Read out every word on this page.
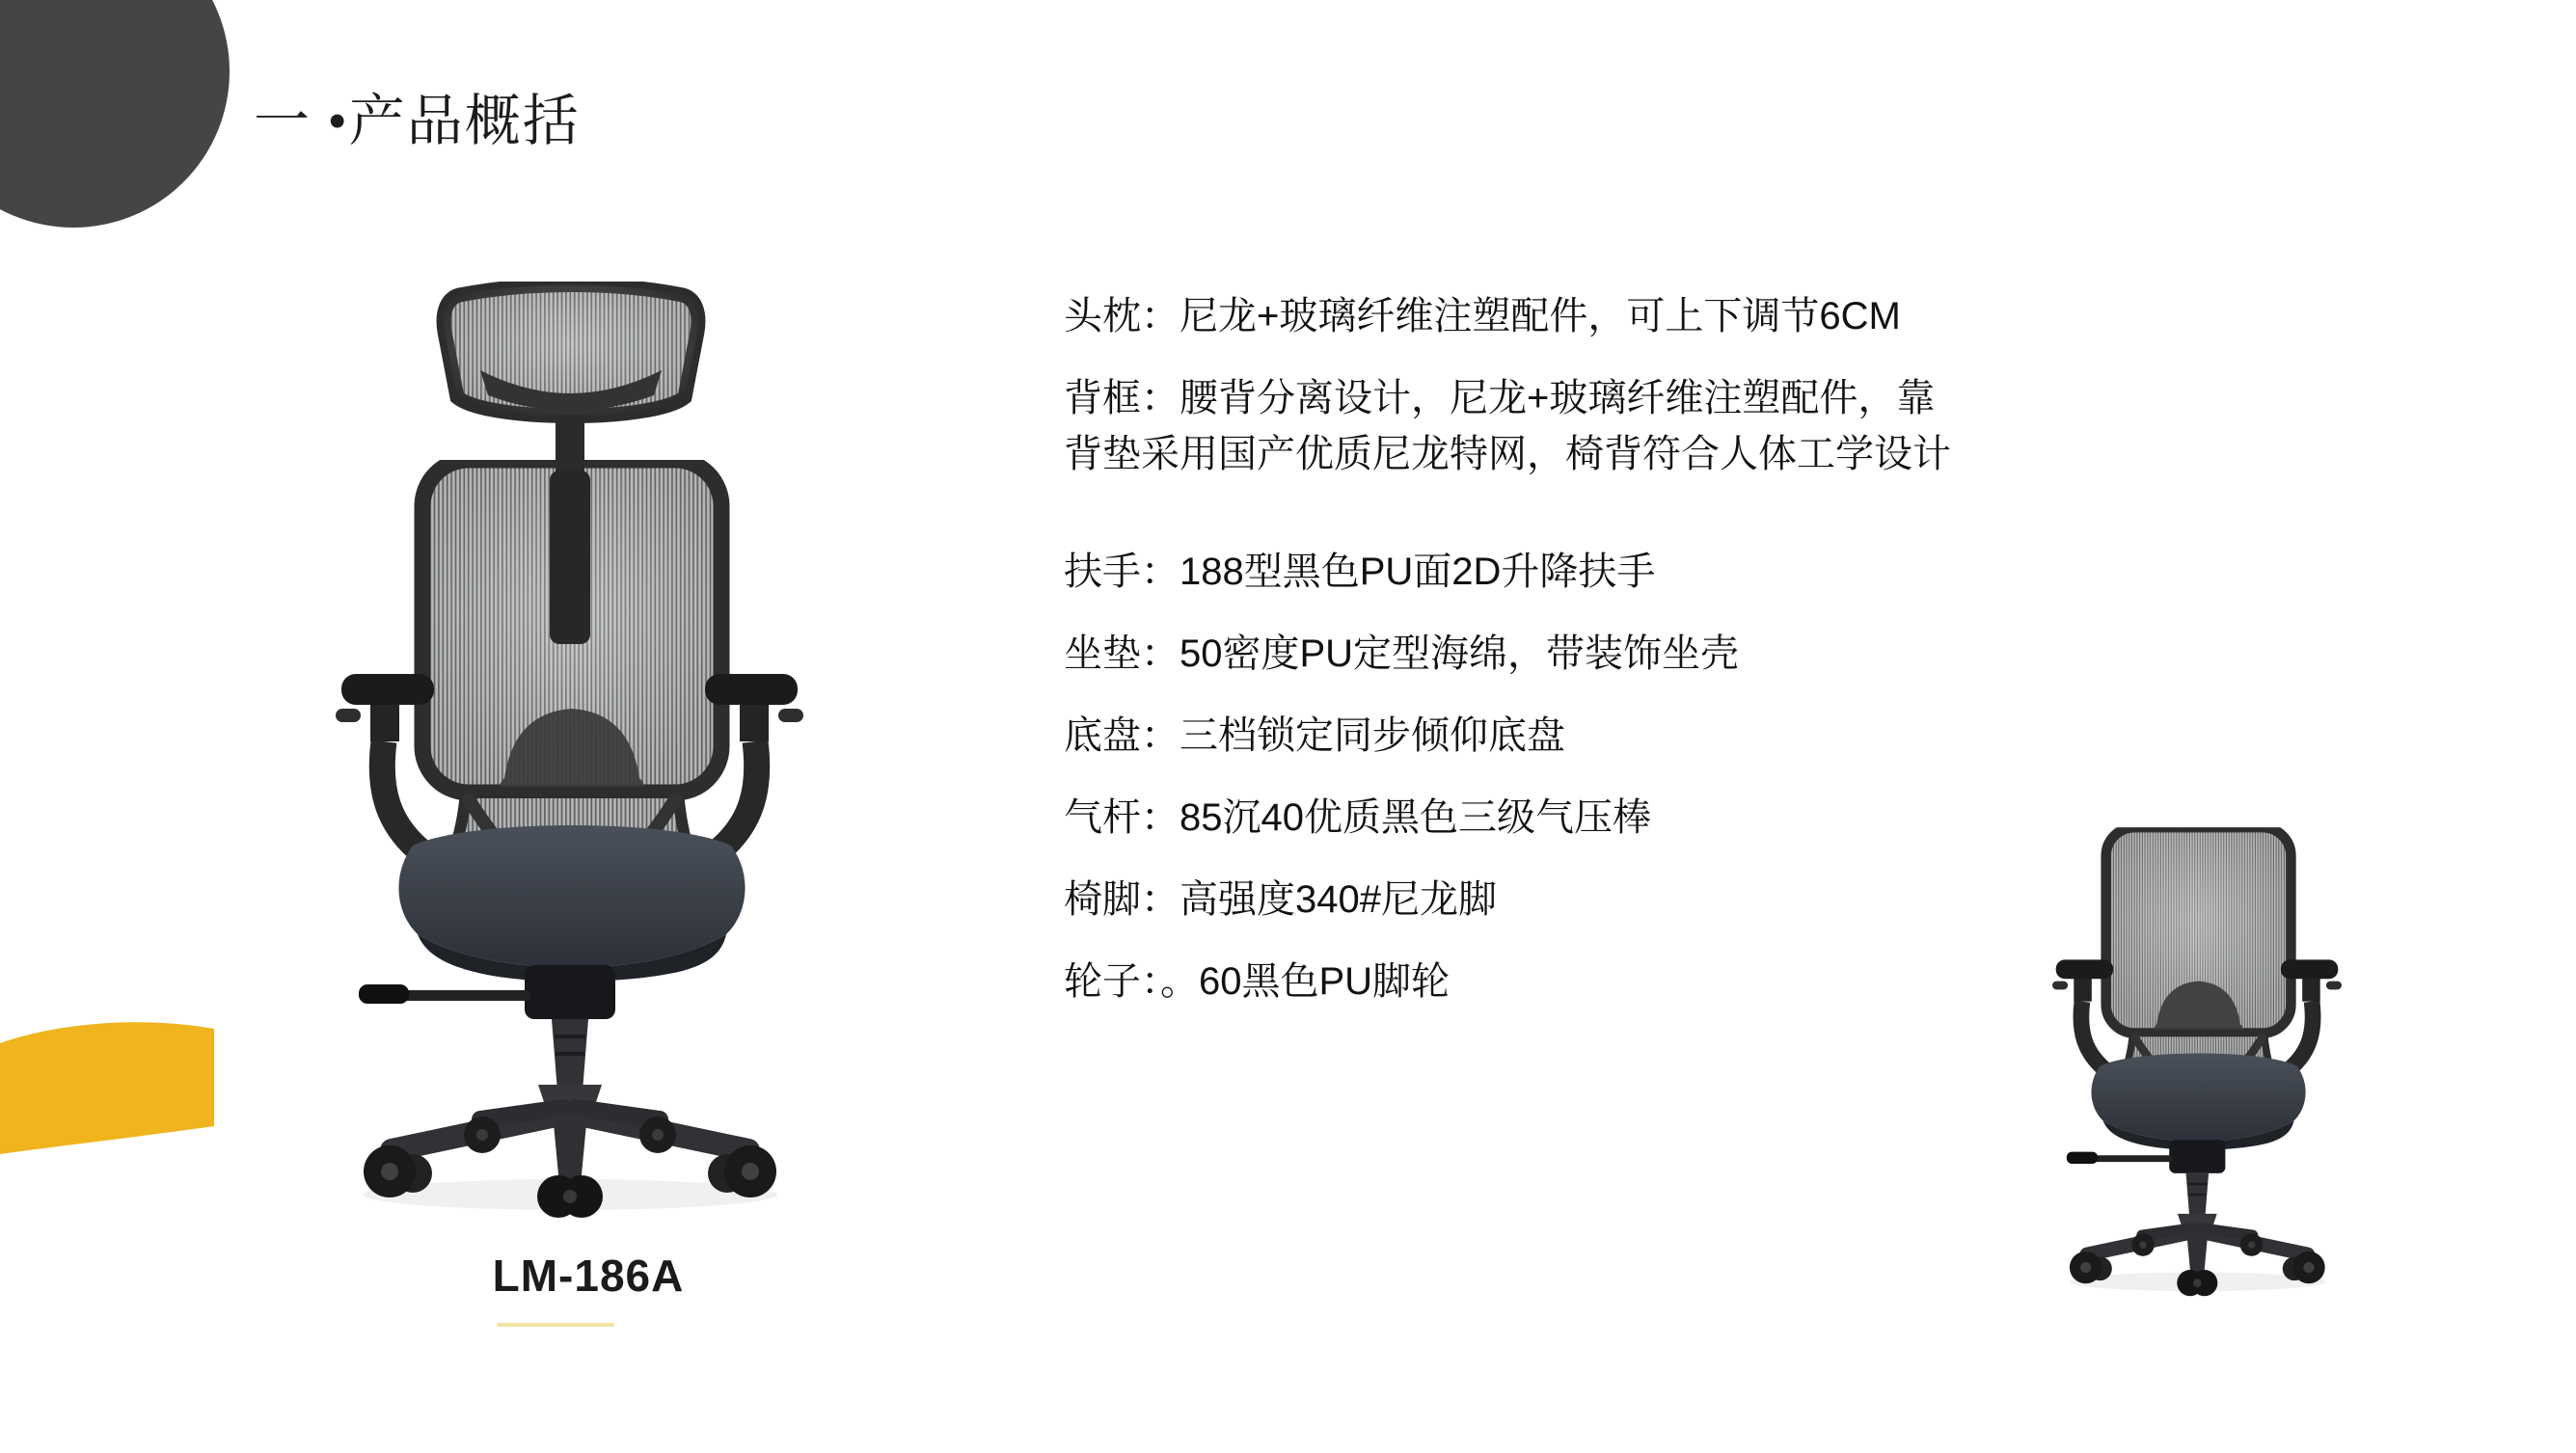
一 •产品概括
LM-186A

头枕：尼龙+玻璃纤维注塑配件，可上下调节6CM

背框：腰背分离设计，尼龙+玻璃纤维注塑配件，靠背垫采用国产优质尼龙特网，椅背符合人体工学设计

扶手：188型黑色PU面2D升降扶手

坐垫：50密度PU定型海绵，带装饰坐壳

底盘：三档锁定同步倾仰底盘

气杆：85沉40优质黑色三级气压棒

椅脚：高强度340#尼龙脚

轮子：。60黑色PU脚轮
